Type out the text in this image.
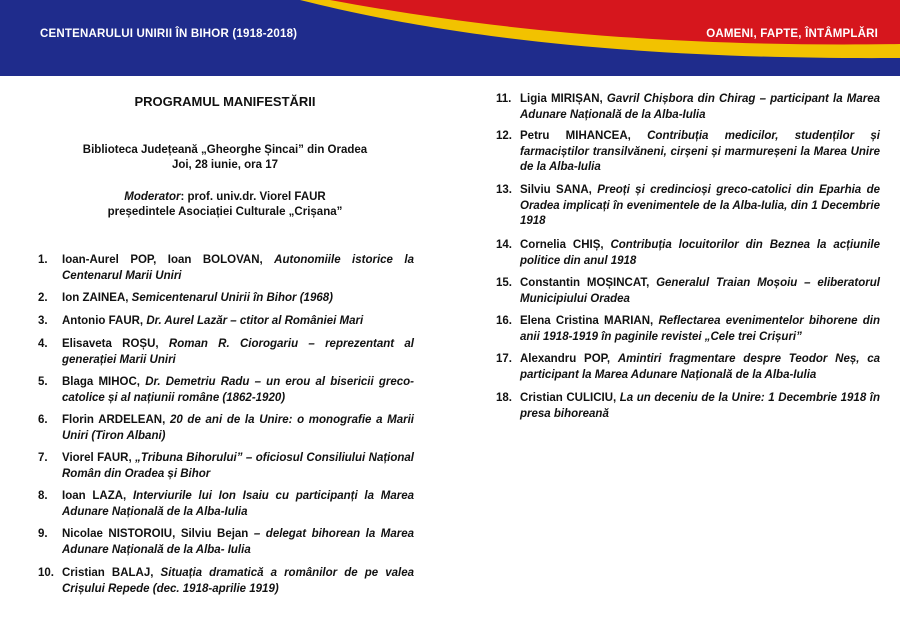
CENTENARULUI UNIRII ÎN BIHOR (1918-2018)	OAMENI, FAPTE, ÎNTÂMPLĂRI
PROGRAMUL MANIFESTĂRII
Biblioteca Județeană „Gheorghe Șincai” din Oradea
Joi, 28 iunie, ora 17
Moderator: prof. univ.dr. Viorel FAUR
președintele Asociației Culturale „Crișana”
1. Ioan-Aurel POP, Ioan BOLOVAN, Autonomiile istorice la Centenarul Marii Uniri
2. Ion ZAINEA, Semicentenarul Unirii în Bihor (1968)
3. Antonio FAUR, Dr. Aurel Lazăr – ctitor al României Mari
4. Elisaveta ROȘU, Roman R. Ciorogariu – reprezentant al generației Marii Uniri
5. Blaga MIHOC, Dr. Demetriu Radu – un erou al bisericii greco-catolice și al națiunii române (1862-1920)
6. Florin ARDELEAN, 20 de ani de la Unire: o monografie a Marii Uniri (Tiron Albani)
7. Viorel FAUR, „Tribuna Bihorului” – oficiosul Consiliului Național Român din Oradea și Bihor
8. Ioan LAZA, Interviurile lui Ion Isaiu cu participanți la Marea Adunare Națională de la Alba-Iulia
9. Nicolae NISTOROIU, Silviu Bejan – delegat bihorean la Marea Adunare Națională de la Alba- Iulia
10. Cristian BALAJ, Situația dramatică a românilor de pe valea Crișului Repede (dec. 1918-aprilie 1919)
11. Ligia MIRIȘAN, Gavril Chișbora din Chirag – participant la Marea Adunare Națională de la Alba-Iulia
12. Petru MIHANCEA, Contribuția medicilor, studenților și farmaciștilor transilvăneni, cirșeni și marmureșeni la Marea Unire de la Alba-Iulia
13. Silviu SANA, Preoți și credincioși greco-catolici din Eparhia de Oradea implicați în evenimentele de la Alba-Iulia, din 1 Decembrie 1918
14. Cornelia CHIȘ, Contribuția locuitorilor din Beznea la acțiunile politice din anul 1918
15. Constantin MOȘINCAT, Generalul Traian Moșoiu – eliberatorul Municipiului Oradea
16. Elena Cristina MARIAN, Reflectarea evenimentelor bihorene din anii 1918-1919 în paginile revistei „Cele trei Crișuri”
17. Alexandru POP, Amintiri fragmentare despre Teodor Neș, ca participant la Marea Adunare Națională de la Alba-Iulia
18. Cristian CULICIU, La un deceniu de la Unire: 1 Decembrie 1918 în presa bihoreană
